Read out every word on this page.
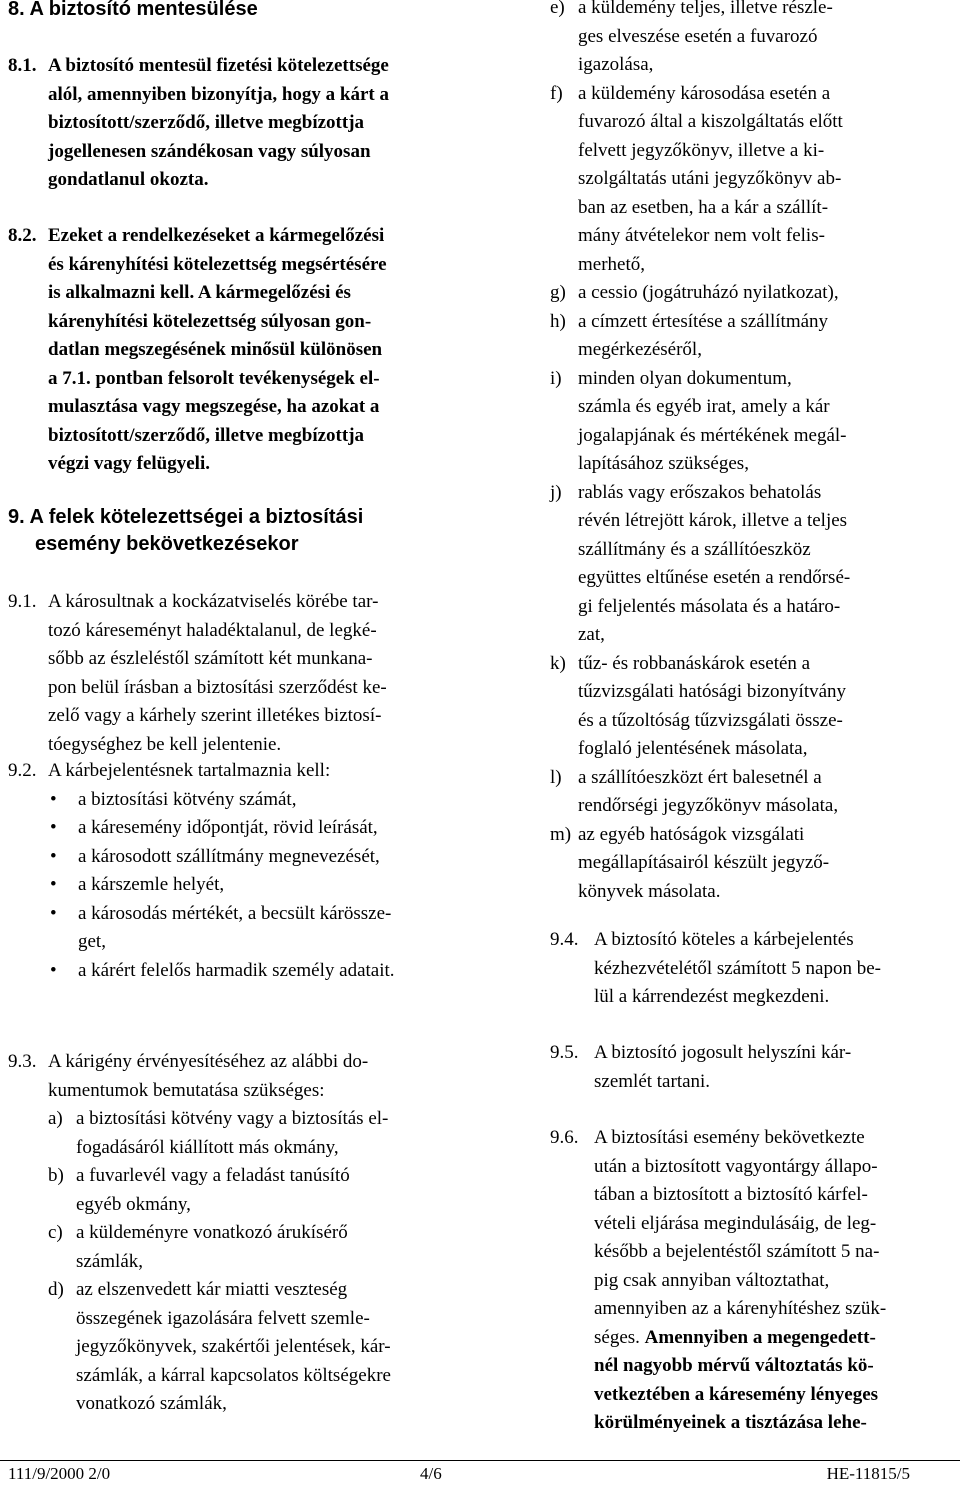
8. A biztosító mentesülése
8.1. A biztosító mentesül fizetési kötelezettsége
alól, amennyiben bizonyítja, hogy a kárt a
biztosított/szerződő, illetve megbízottja
jogellenesen szándékosan vagy súlyosan
gondatlanul okozta.
8.2. Ezeket a rendelkezéseket a kármegelőzési
és kárenyhítési kötelezettség megsértésére
is alkalmazni kell. A kármegelőzési és
kárenyhítési kötelezettség súlyosan gon-
datlan megszegésének minősül különösen
a 7.1. pontban felsorolt tevékenységek el-
mulasztása vagy megszegése, ha azokat a
biztosított/szerződő, illetve megbízottja
végzi vagy felügyeli.
9. A felek kötelezettségei a biztosítási
esemény bekövetkezésekor
9.1. A károsultnak a kockázatviselés körébe tar-
tozó káreseményt haladéktalanul, de legké-
sőbb az észleléstől számított két munkana-
pon belül írásban a biztosítási szerződést ke-
zelő vagy a kárhely szerint illetékes biztosí-
tóegységhez be kell jelentenie.
9.2. A kárbejelentésnek tartalmaznia kell:
•	a biztosítási kötvény számát,
•	a káresemény időpontját, rövid leírását,
•	a károsodott szállítmány megnevezését,
•	a kárszemle helyét,
•	a károsodás mértékét, a becsült kárössze-
get,
•	a kárért felelős harmadik személy adatait.
9.3. A kárigény érvényesítéséhez az alábbi do-
kumentumok bemutatása szükséges:
a) a biztosítási kötvény vagy a biztosítás el-
fogadásáról kiállított más okmány,
b) a fuvarlevél vagy a feladást tanúsító
egyéb okmány,
c) a küldeményre vonatkozó árukísérő
számlák,
d) az elszenvedett kár miatti veszteség
összegének igazolására felvett szemle-
jegyzőkönyvek, szakértői jelentések, kár-
számlák, a kárral kapcsolatos költségekre
vonatkozó számlák,
e) a küldemény teljes, illetve részle-
ges elveszése esetén a fuvarozó
igazolása,
f) a küldemény károsodása esetén a
fuvarozó által a kiszolgáltatás előtt
felvett jegyzőkönyv, illetve a ki-
szolgáltatás utáni jegyzőkönyv ab-
ban az esetben, ha a kár a szállít-
mány átvételekor nem volt felis-
merhető,
g) a cessio (jogátruházó nyilatkozat),
h) a címzett értesítése a szállítmány
megérkezéséről,
i) minden olyan dokumentum,
számla és egyéb irat, amely a kár
jogalapjának és mértékének megál-
lapításához szükséges,
j) rablás vagy erőszakos behatolás
révén létrejött károk, illetve a teljes
szállítmány és a szállítóeszköz
együttes eltűnése esetén a rendőrsé-
gi feljelentés másolata és a határo-
zat,
k) tűz- és robbanáskárok esetén a
tűzvizsgálati hatósági bizonyítvány
és a tűzoltóság tűzvizsgálati össze-
foglaló jelentésének másolata,
l) a szállítóeszközt ért balesetnél a
rendőrségi jegyzőkönyv másolata,
m) az egyéb hatóságok vizsgálati
megállapításairól készült jegyző-
könyvek másolata.
9.4. A biztosító köteles a kárbejelentés
kézhezvételétől számított 5 napon be-
lül a kárrendezést megkezdeni.
9.5. A biztosító jogosult helyszíni kár-
szemlét tartani.
9.6. A biztosítási esemény bekövetkezte
után a biztosított vagyontárgy állapo-
tában a biztosított a biztosító kárfel-
vételi eljárása megindulásáig, de leg-
később a bejelentéstől számított 5 na-
pig csak annyiban változtathat,
amennyiben az a kárenyhítéshez szük-
séges. Amennyiben a megengedett-
nél nagyobb mérvű változtatás kö-
vetkeztében a káresemény lényeges
körülményeinek a tisztázása lehe-
111/9/2000 2/0	4/6	HE-11815/5
